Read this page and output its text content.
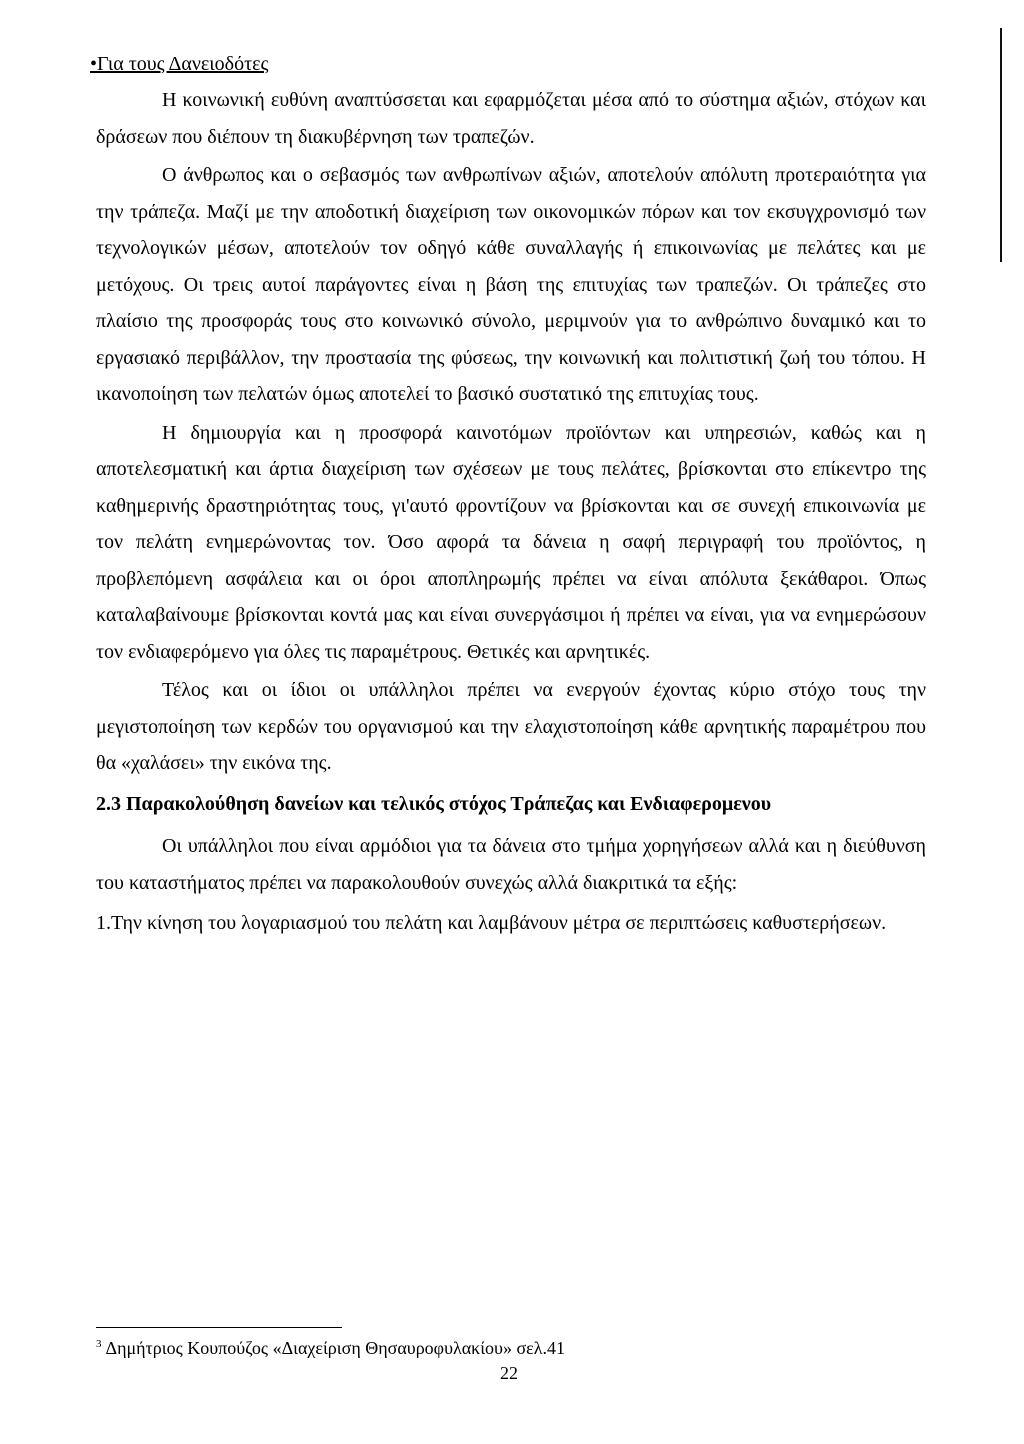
•Για τους Δανειοδότες

Η κοινωνική ευθύνη αναπτύσσεται και εφαρμόζεται μέσα από το σύστημα αξιών, στόχων και δράσεων που διέπουν τη διακυβέρνηση των τραπεζών.

Ο άνθρωπος και ο σεβασμός των ανθρωπίνων αξιών, αποτελούν απόλυτη προτεραιότητα για την τράπεζα. Μαζί με την αποδοτική διαχείριση των οικονομικών πόρων και τον εκσυγχρονισμό των τεχνολογικών μέσων, αποτελούν τον οδηγό κάθε συναλλαγής ή επικοινωνίας με πελάτες και με μετόχους. Οι τρεις αυτοί παράγοντες είναι η βάση της επιτυχίας των τραπεζών. Οι τράπεζες στο πλαίσιο της προσφοράς τους στο κοινωνικό σύνολο, μεριμνούν για το ανθρώπινο δυναμικό και το εργασιακό περιβάλλον, την προστασία της φύσεως, την κοινωνική και πολιτιστική ζωή του τόπου. Η ικανοποίηση των πελατών όμως αποτελεί το βασικό συστατικό της επιτυχίας τους.

Η δημιουργία και η προσφορά καινοτόμων προϊόντων και υπηρεσιών, καθώς και η αποτελεσματική και άρτια διαχείριση των σχέσεων με τους πελάτες, βρίσκονται στο επίκεντρο της καθημερινής δραστηριότητας τους, γι'αυτό φροντίζουν να βρίσκονται και σε συνεχή επικοινωνία με τον πελάτη ενημερώνοντας τον. Όσο αφορά τα δάνεια η σαφή περιγραφή του προϊόντος, η προβλεπόμενη ασφάλεια και οι όροι αποπληρωμής πρέπει να είναι απόλυτα ξεκάθαροι. Όπως καταλαβαίνουμε βρίσκονται κοντά μας και είναι συνεργάσιμοι ή πρέπει να είναι, για να ενημερώσουν τον ενδιαφερόμενο για όλες τις παραμέτρους. Θετικές και αρνητικές.

Τέλος και οι ίδιοι οι υπάλληλοι πρέπει να ενεργούν έχοντας κύριο στόχο τους την μεγιστοποίηση των κερδών του οργανισμού και την ελαχιστοποίηση κάθε αρνητικής παραμέτρου που θα «χαλάσει» την εικόνα της.

2.3 Παρακολούθηση δανείων και τελικός στόχος Τράπεζας και Ενδιαφερομενου

Οι υπάλληλοι που είναι αρμόδιοι για τα δάνεια στο τμήμα χορηγήσεων αλλά και η διεύθυνση του καταστήματος πρέπει να παρακολουθούν συνεχώς αλλά διακριτικά τα εξής:

1.Την κίνηση του λογαριασμού του πελάτη και λαμβάνουν μέτρα σε περιπτώσεις καθυστερήσεων.

$^3$ Δημήτριος Κουπούζος «Διαχείριση Θησαυροφυλακίου» σελ.41
22
